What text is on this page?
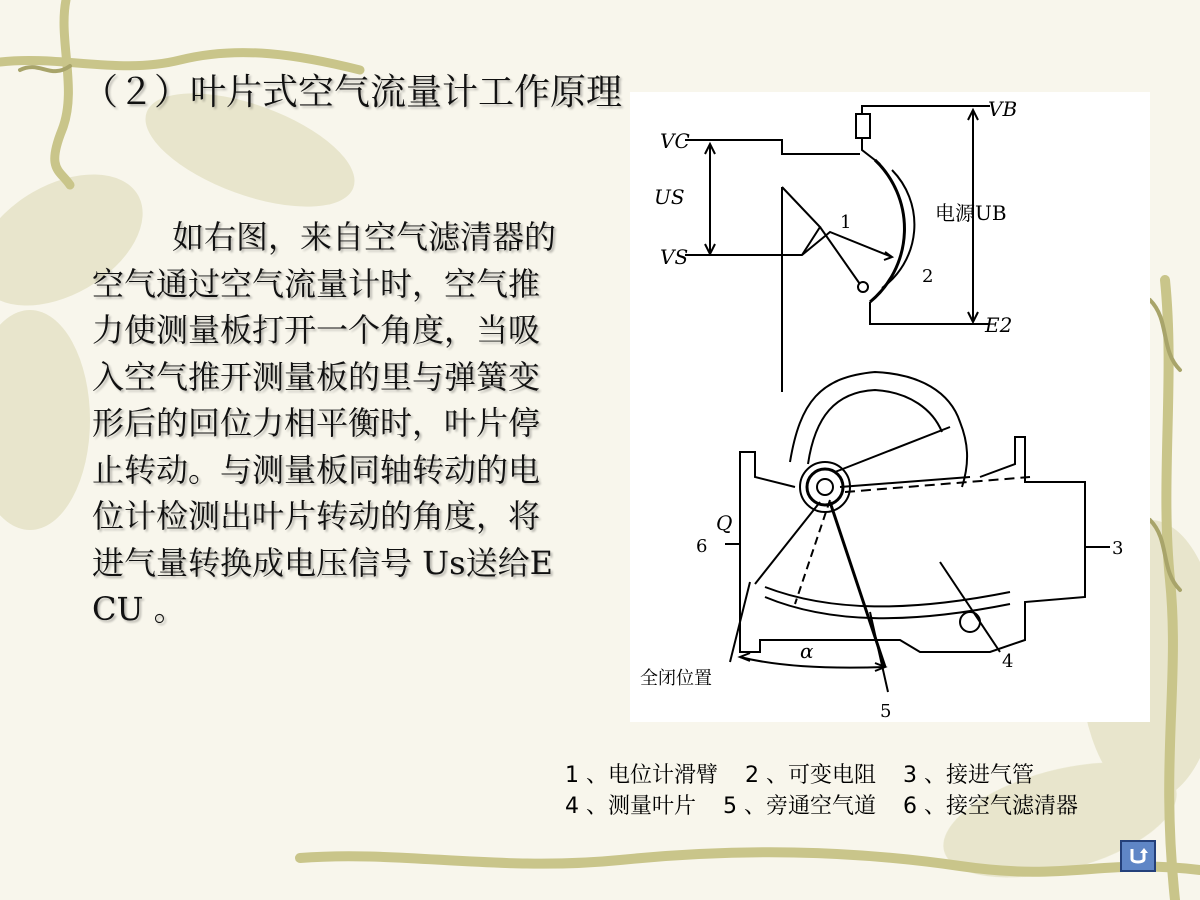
（２）叶片式空气流量计工作原理
如右图，来自空气滤清器的空气通过空气流量计时，空气推力使测量板打开一个角度，当吸入空气推开测量板的里与弹簧变形后的回位力相平衡时，叶片停止转动。与测量板同轴转动的电位计检测出叶片转动的角度，将进气量转换成电压信号 Us送给ECU 。
VB
VC
US
VS
电源UB
E2
Q
α
全闭位置
1
2
3
4
5
6
1 、电位计滑臂 2 、可变电阻 3 、接进气管
4 、测量叶片 5 、旁通空气道 6 、接空气滤清器
